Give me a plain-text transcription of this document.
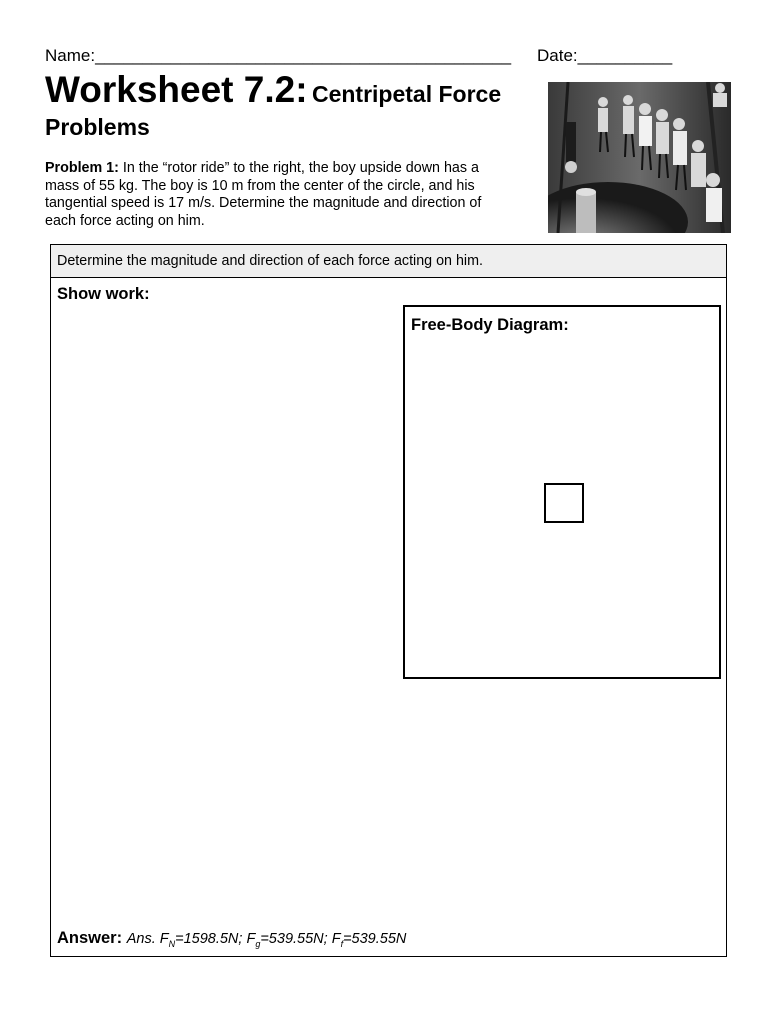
Name:____________________________________________ Date:__________
Worksheet 7.2: Centripetal Force
Problems
Problem 1: In the “rotor ride” to the right, the boy upside down has a mass of 55 kg. The boy is 10 m from the center of the circle, and his tangential speed is 17 m/s. Determine the magnitude and direction of each force acting on him.
Determine the magnitude and direction of each force acting on him.
Show work:
Free-Body Diagram:
Answer: Ans. $F_N=1598.5N$; $F_g=539.55N$; $F_f=539.55N$
